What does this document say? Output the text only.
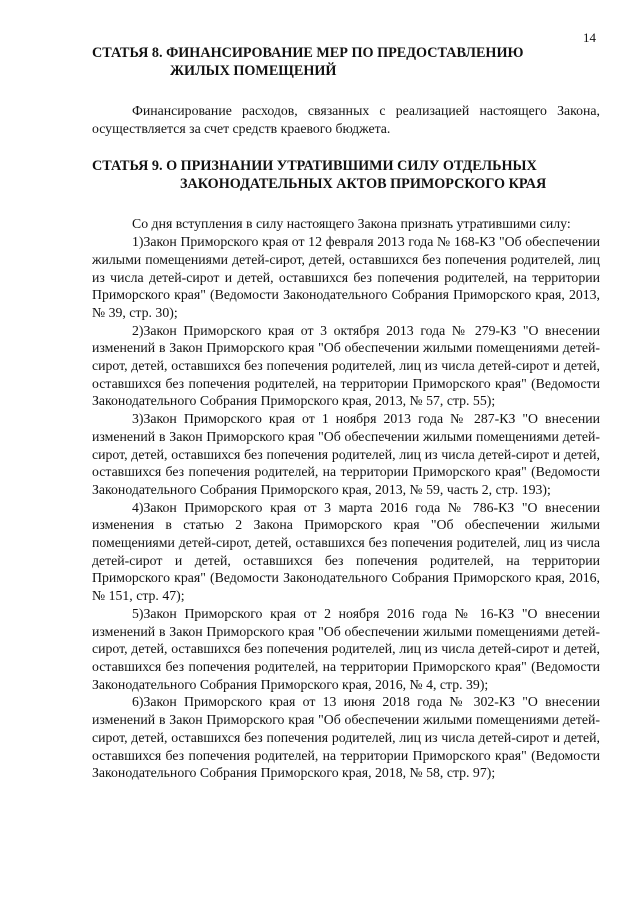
14
СТАТЬЯ 8. ФИНАНСИРОВАНИЕ МЕР ПО ПРЕДОСТАВЛЕНИЮ
ЖИЛЫХ ПОМЕЩЕНИЙ

Финансирование расходов, связанных с реализацией настоящего Закона, осуществляется за счет средств краевого бюджета.

СТАТЬЯ 9. О ПРИЗНАНИИ УТРАТИВШИМИ СИЛУ ОТДЕЛЬНЫХ
ЗАКОНОДАТЕЛЬНЫХ АКТОВ ПРИМОРСКОГО КРАЯ

Со дня вступления в силу настоящего Закона признать утратившими силу:

1)Закон Приморского края от 12 февраля 2013 года № 168-КЗ "Об обеспечении жилыми помещениями детей-сирот, детей, оставшихся без попечения родителей, лиц из числа детей-сирот и детей, оставшихся без попечения родителей, на территории Приморского края" (Ведомости Законодательного Собрания Приморского края, 2013, № 39, стр. 30);

2)Закон Приморского края от 3 октября 2013 года № 279-КЗ "О внесении изменений в Закон Приморского края "Об обеспечении жилыми помещениями детей-сирот, детей, оставшихся без попечения родителей, лиц из числа детей-сирот и детей, оставшихся без попечения родителей, на территории Приморского края" (Ведомости Законодательного Собрания Приморского края, 2013, № 57, стр. 55);

3)Закон Приморского края от 1 ноября 2013 года № 287-КЗ "О внесении изменений в Закон Приморского края "Об обеспечении жилыми помещениями детей-сирот, детей, оставшихся без попечения родителей, лиц из числа детей-сирот и детей, оставшихся без попечения родителей, на территории Приморского края" (Ведомости Законодательного Собрания Приморского края, 2013, № 59, часть 2, стр. 193);

4)Закон Приморского края от 3 марта 2016 года № 786-КЗ "О внесении изменения в статью 2 Закона Приморского края "Об обеспечении жилыми помещениями детей-сирот, детей, оставшихся без попечения родителей, лиц из числа детей-сирот и детей, оставшихся без попечения родителей, на территории Приморского края" (Ведомости Законодательного Собрания Приморского края, 2016, № 151, стр. 47);

5)Закон Приморского края от 2 ноября 2016 года № 16-КЗ "О внесении изменений в Закон Приморского края "Об обеспечении жилыми помещениями детей-сирот, детей, оставшихся без попечения родителей, лиц из числа детей-сирот и детей, оставшихся без попечения родителей, на территории Приморского края" (Ведомости Законодательного Собрания Приморского края, 2016, № 4, стр. 39);

6)Закон Приморского края от 13 июня 2018 года № 302-КЗ "О внесении изменений в Закон Приморского края "Об обеспечении жилыми помещениями детей-сирот, детей, оставшихся без попечения родителей, лиц из числа детей-сирот и детей, оставшихся без попечения родителей, на территории Приморского края" (Ведомости Законодательного Собрания Приморского края, 2018, № 58, стр. 97);
